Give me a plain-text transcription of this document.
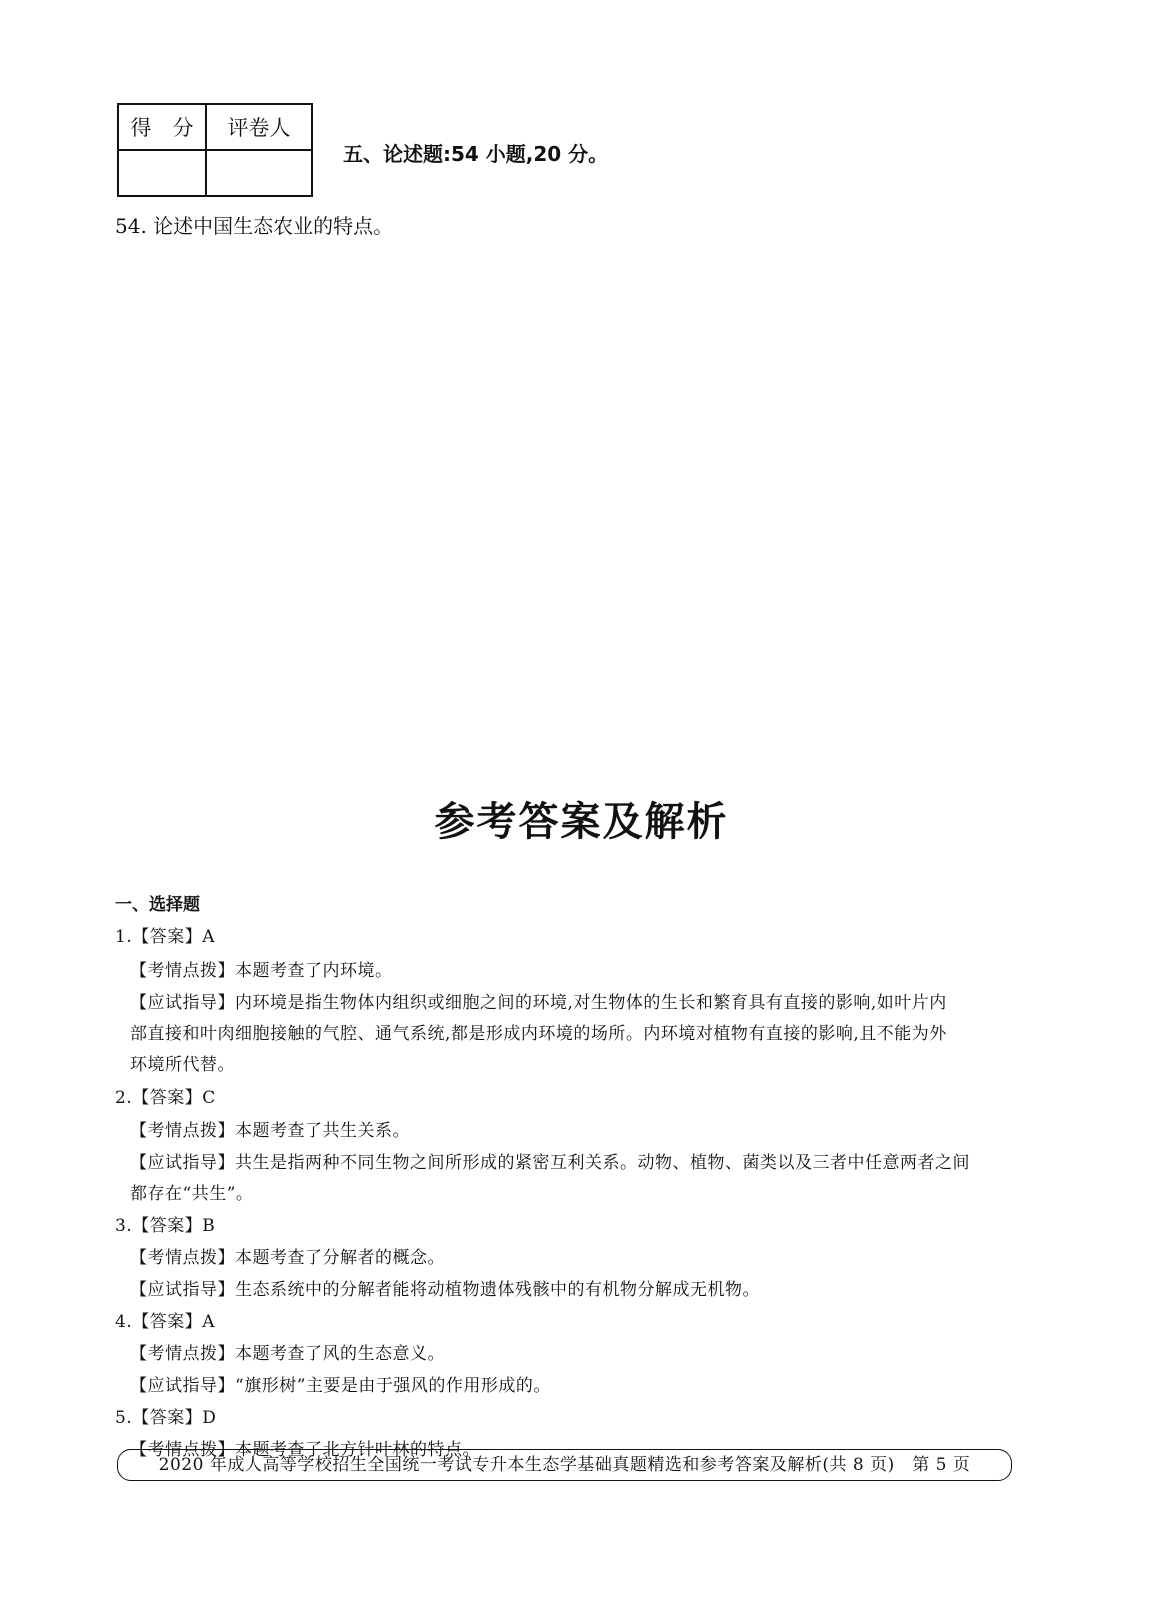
得　分	评卷人

五、论述题:54 小题,20 分。
54. 论述中国生态农业的特点。
参考答案及解析
一、选择题
1.【答案】A
【考情点拨】本题考查了内环境。
【应试指导】内环境是指生物体内组织或细胞之间的环境,对生物体的生长和繁育具有直接的影响,如叶片内
部直接和叶肉细胞接触的气腔、通气系统,都是形成内环境的场所。内环境对植物有直接的影响,且不能为外
环境所代替。
2.【答案】C
【考情点拨】本题考查了共生关系。
【应试指导】共生是指两种不同生物之间所形成的紧密互利关系。动物、植物、菌类以及三者中任意两者之间
都存在“共生”。
3.【答案】B
【考情点拨】本题考查了分解者的概念。
【应试指导】生态系统中的分解者能将动植物遗体残骸中的有机物分解成无机物。
4.【答案】A
【考情点拨】本题考查了风的生态意义。
【应试指导】“旗形树”主要是由于强风的作用形成的。
5.【答案】D
【考情点拨】本题考查了北方针叶林的特点。
2020 年成人高等学校招生全国统一考试专升本生态学基础真题精选和参考答案及解析(共 8 页)　第 5 页
